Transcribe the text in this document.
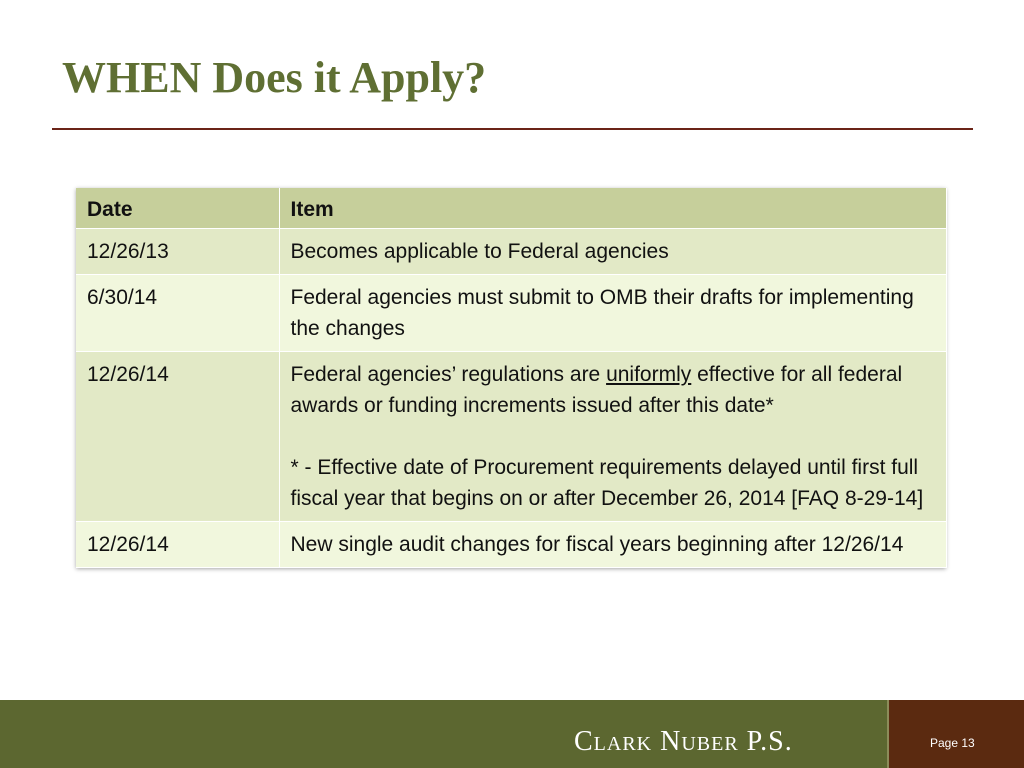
WHEN Does it Apply?
Date	Item
12/26/13	Becomes applicable to Federal agencies
6/30/14	Federal agencies must submit to OMB their drafts for implementing the changes
12/26/14	Federal agencies’ regulations are uniformly effective for all federal awards or funding increments issued after this date*
* - Effective date of Procurement requirements delayed until first full fiscal year that begins on or after December 26, 2014 [FAQ 8-29-14]

12/26/14	New single audit changes for fiscal years beginning after 12/26/14
Clark Nuber P.S.	Page 13
